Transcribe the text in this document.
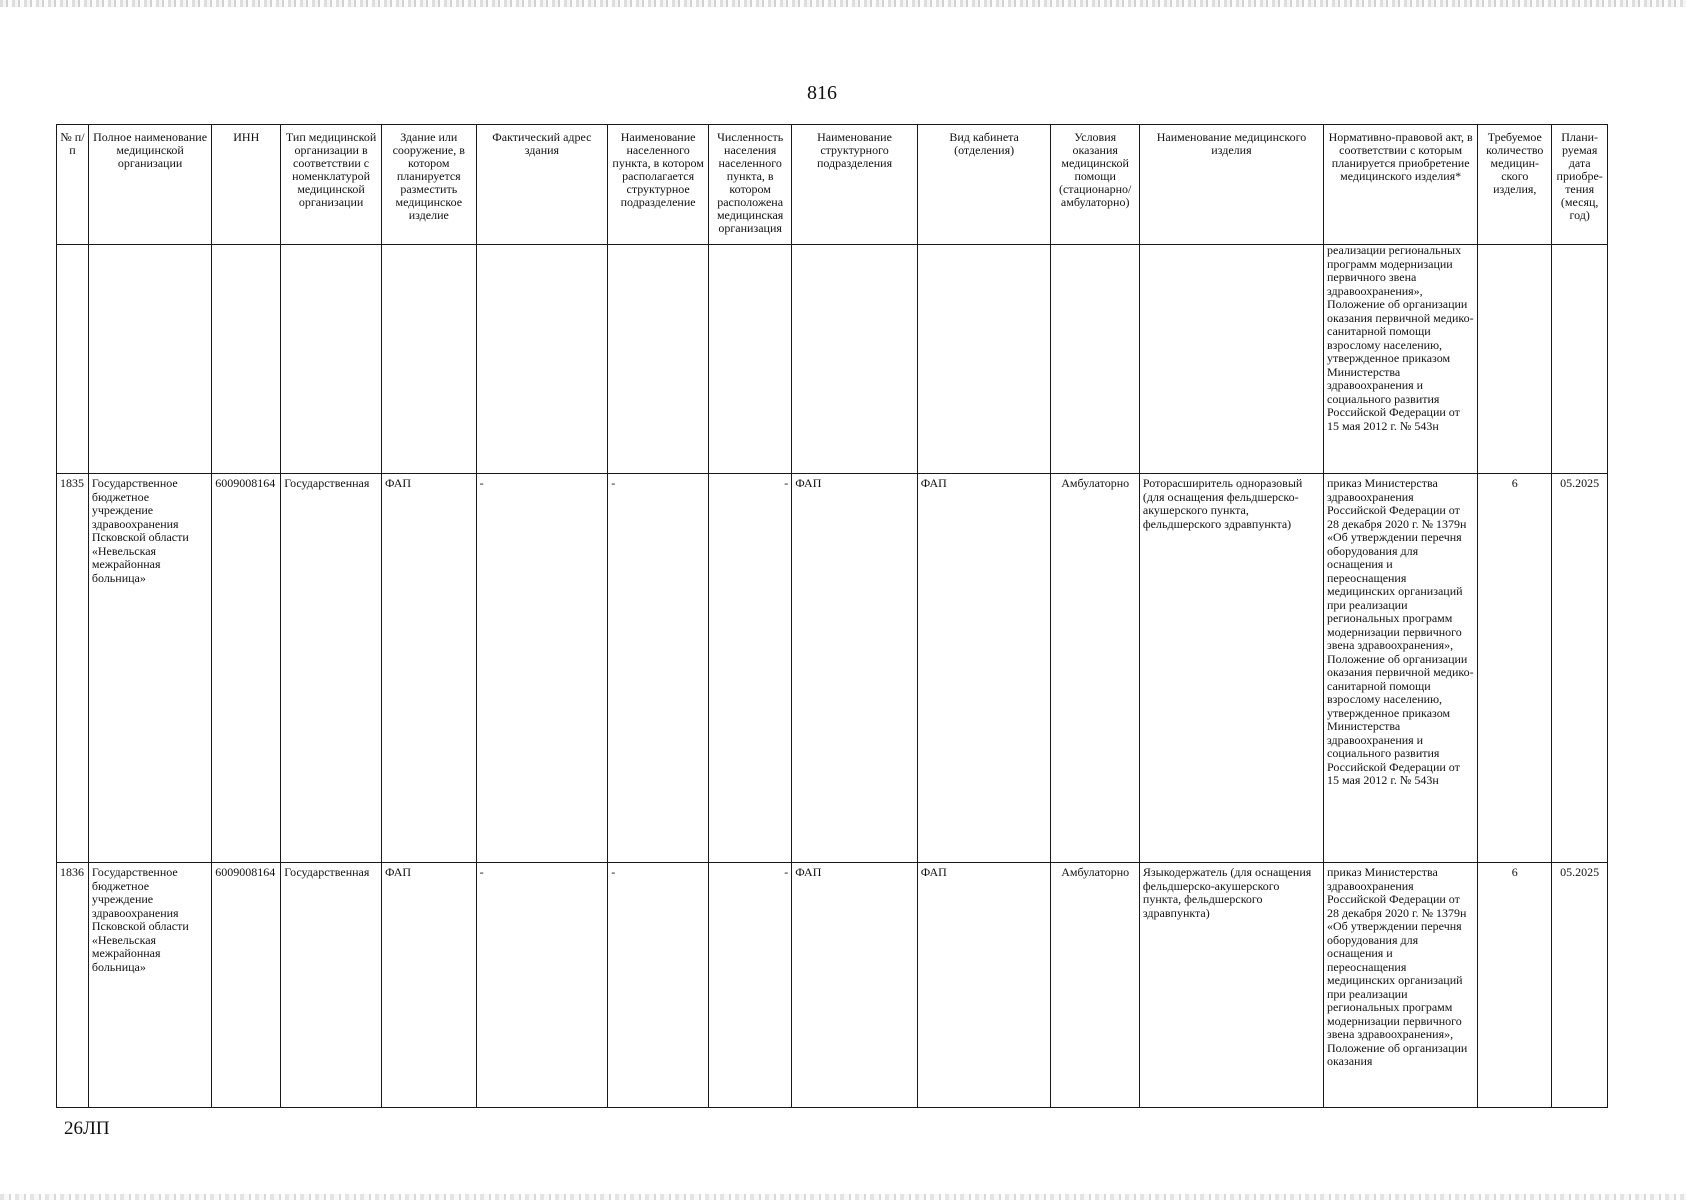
816
№ п/п	Полное наименование медицинской организации	ИНН	Тип медицинской организации в соответствии с номенклатурой медицинской организации	Здание или сооружение, в котором планируется разместить медицинское изделие	Фактический адрес здания	Наименование населенного пункта, в котором располагается структурное подразделение	Численность населения населенного пункта, в котором расположена медицинская организация	Наименование структурного подразделения	Вид кабинета (отделения)	Условия оказания медицинской помощи (стационарно/ амбулаторно)	Наименование медицинского изделия	Нормативно-правовой акт, в соответствии с которым планируется приобретение медицинского изделия*	Требуемое количество медицин-ского изделия,	Плани-руемая дата приобре-тения (месяц, год)

												реализации региональных программ модернизации первичного звена здравоохранения», Положение об организации оказания первичной медико-санитарной помощи взрослому населению, утвержденное приказом Министерства здравоохранения и социального развития Российской Федерации от 15 мая 2012 г. № 543н		

1835	Государственное бюджетное учреждение здравоохранения Псковской области «Невельская межрайонная больница»	6009008164	Государственная	ФАП	-	-	-	ФАП	ФАП	Амбулаторно	Роторасширитель одноразовый (для оснащения фельдшерско-акушерского пункта, фельдшерского здравпункта)	приказ Министерства здравоохранения Российской Федерации от 28 декабря 2020 г. № 1379н «Об утверждении перечня оборудования для оснащения и переоснащения медицинских организаций при реализации региональных программ модернизации первичного звена здравоохранения», Положение об организации оказания первичной медико-санитарной помощи взрослому населению, утвержденное приказом Министерства здравоохранения и социального развития Российской Федерации от 15 мая 2012 г. № 543н	6	05.2025
1836	Государственное бюджетное учреждение здравоохранения Псковской области «Невельская межрайонная больница»	6009008164	Государственная	ФАП	-	-	-	ФАП	ФАП	Амбулаторно	Языкодержатель (для оснащения фельдшерско-акушерского пункта, фельдшерского здравпункта)	приказ Министерства здравоохранения Российской Федерации от 28 декабря 2020 г. № 1379н «Об утверждении перечня оборудования для оснащения и переоснащения медицинских организаций при реализации региональных программ модернизации первичного звена здравоохранения», Положение об организации оказания	6	05.2025
26ЛП
